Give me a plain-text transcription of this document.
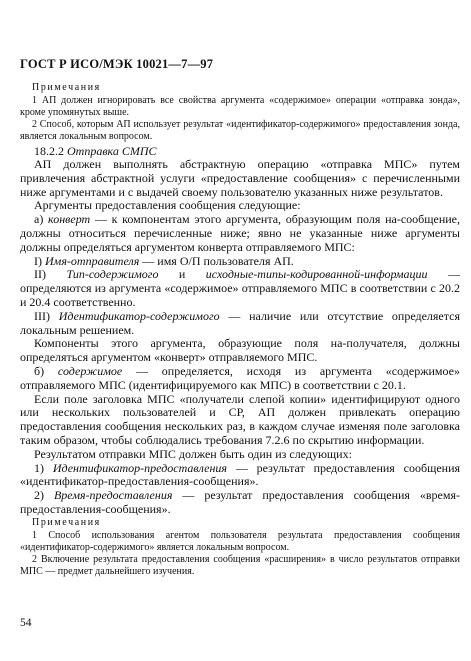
ГОСТ Р ИСО/МЭК 10021—7—97
Примечания

1 АП должен игнорировать все свойства аргумента «содержимое» операции «отправка зонда», кроме упомянутых выше.

2 Способ, которым АП использует результат «идентификатор-содержимого» предоставления зонда, является локальным вопросом.

18.2.2 Отправка СМПС

АП должен выполнять абстрактную операцию «отправка МПС» путем привлечения абстрактной услуги «предоставление сообщения» с перечисленными ниже аргументами и с выдачей своему пользователю указанных ниже результатов.

Аргументы предоставления сообщения следующие:

а) конверт — к компонентам этого аргумента, образующим поля на-сообщение, должны относиться перечисленные ниже; явно не указанные ниже аргументы должны определяться аргументом конверта отправляемого МПС:

I) Имя-отправителя — имя О/П пользователя АП.

II) Тип-содержимого и исходные-типы-кодированной-информации — определяются из аргумента «содержимое» отправляемого МПС в соответствии с 20.2 и 20.4 соответственно.

III) Идентификатор-содержимого — наличие или отсутствие определяется локальным решением.

Компоненты этого аргумента, образующие поля на-получателя, должны определяться аргументом «конверт» отправляемого МПС.

б) содержимое — определяется, исходя из аргумента «содержимое» отправляемого МПС (идентифицируемого как МПС) в соответствии с 20.1.

Если поле заголовка МПС «получатели слепой копии» идентифицируют одного или нескольких пользователей и СР, АП должен привлекать операцию предоставления сообщения нескольких раз, в каждом случае изменяя поле заголовка таким образом, чтобы соблюдались требования 7.2.6 по скрытию информации.

Результатом отправки МПС должен быть один из следующих:

1) Идентификатор-предоставления — результат предоставления сообщения «идентификатор-предоставления-сообщения».

2) Время-предоставления — результат предоставления сообщения «время-предоставления-сообщения».

Примечания

1 Способ использования агентом пользователя результата предоставления сообщения «идентификатор-содержимого» является локальным вопросом.

2 Включение результата предоставления сообщения «расширения» в число результатов отправки МПС — предмет дальнейшего изучения.

54
